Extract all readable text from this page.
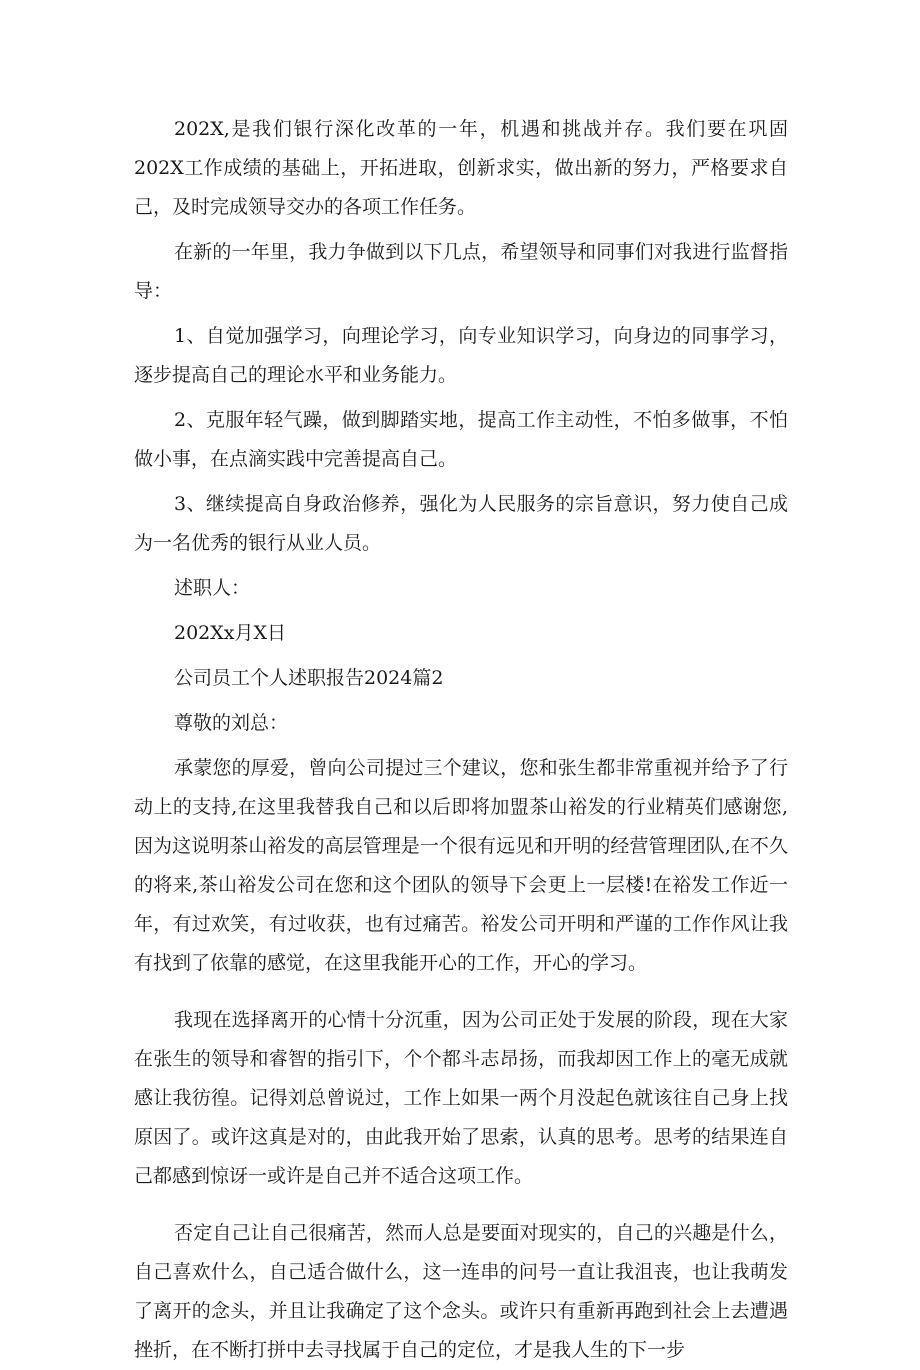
202X,是我们银行深化改革的一年，机遇和挑战并存。我们要在巩固202X工作成绩的基础上，开拓进取，创新求实，做出新的努力，严格要求自己，及时完成领导交办的各项工作任务。

在新的一年里，我力争做到以下几点，希望领导和同事们对我进行监督指导：

1、自觉加强学习，向理论学习，向专业知识学习，向身边的同事学习，逐步提高自己的理论水平和业务能力。

2、克服年轻气躁，做到脚踏实地，提高工作主动性，不怕多做事，不怕做小事，在点滴实践中完善提高自己。

3、继续提高自身政治修养，强化为人民服务的宗旨意识，努力使自己成为一名优秀的银行从业人员。

述职人：

202Xx月X日

公司员工个人述职报告2024篇2

尊敬的刘总：

承蒙您的厚爱，曾向公司提过三个建议，您和张生都非常重视并给予了行动上的支持,在这里我替我自己和以后即将加盟茶山裕发的行业精英们感谢您,因为这说明茶山裕发的高层管理是一个很有远见和开明的经营管理团队,在不久的将来,茶山裕发公司在您和这个团队的领导下会更上一层楼!在裕发工作近一年，有过欢笑，有过收获，也有过痛苦。裕发公司开明和严谨的工作作风让我有找到了依靠的感觉，在这里我能开心的工作，开心的学习。

我现在选择离开的心情十分沉重，因为公司正处于发展的阶段，现在大家在张生的领导和睿智的指引下，个个都斗志昂扬，而我却因工作上的毫无成就感让我彷徨。记得刘总曾说过，工作上如果一两个月没起色就该往自己身上找原因了。或许这真是对的，由此我开始了思索，认真的思考。思考的结果连自己都感到惊讶一或许是自己并不适合这项工作。

否定自己让自己很痛苦，然而人总是要面对现实的，自己的兴趣是什么，自己喜欢什么，自己适合做什么，这一连串的问号一直让我沮丧，也让我萌发了离开的念头，并且让我确定了这个念头。或许只有重新再跑到社会上去遭遇挫折，在不断打拼中去寻找属于自己的定位，才是我人生的下一步
